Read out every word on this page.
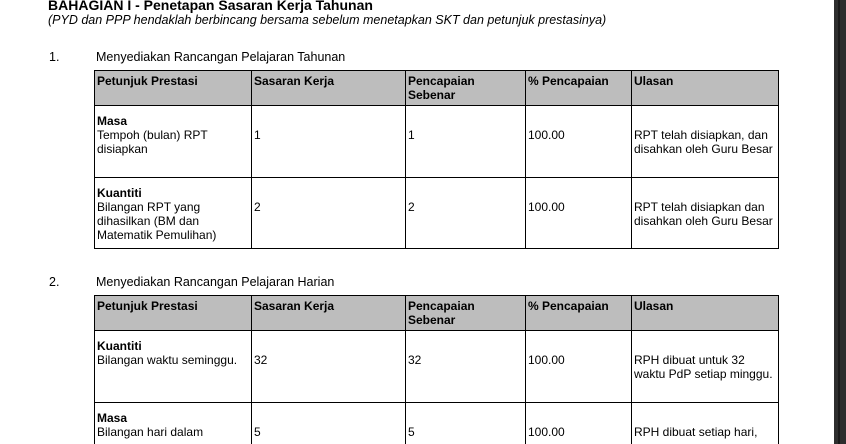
BAHAGIAN I - Penetapan Sasaran Kerja Tahunan
(PYD dan PPP hendaklah berbincang bersama sebelum menetapkan SKT dan petunjuk prestasinya)
1.	Menyediakan Rancangan Pelajaran Tahunan
Petunjuk Prestasi	Sasaran Kerja	Pencapaian Sebenar	% Pencapaian	Ulasan

Masa
Tempoh (bulan) RPT disiapkan	1	1	100.00	RPT telah disiapkan, dan disahkan oleh Guru Besar

Kuantiti
Bilangan RPT yang dihasilkan (BM dan Matematik Pemulihan)	2	2	100.00	RPT telah disiapkan dan disahkan oleh Guru Besar
2.	Menyediakan Rancangan Pelajaran Harian
Petunjuk Prestasi	Sasaran Kerja	Pencapaian Sebenar	% Pencapaian	Ulasan

Kuantiti
Bilangan waktu seminggu.	32	32	100.00	RPH dibuat untuk 32 waktu PdP setiap minggu.

Masa
Bilangan hari dalam	5	5	100.00	RPH dibuat setiap hari,
